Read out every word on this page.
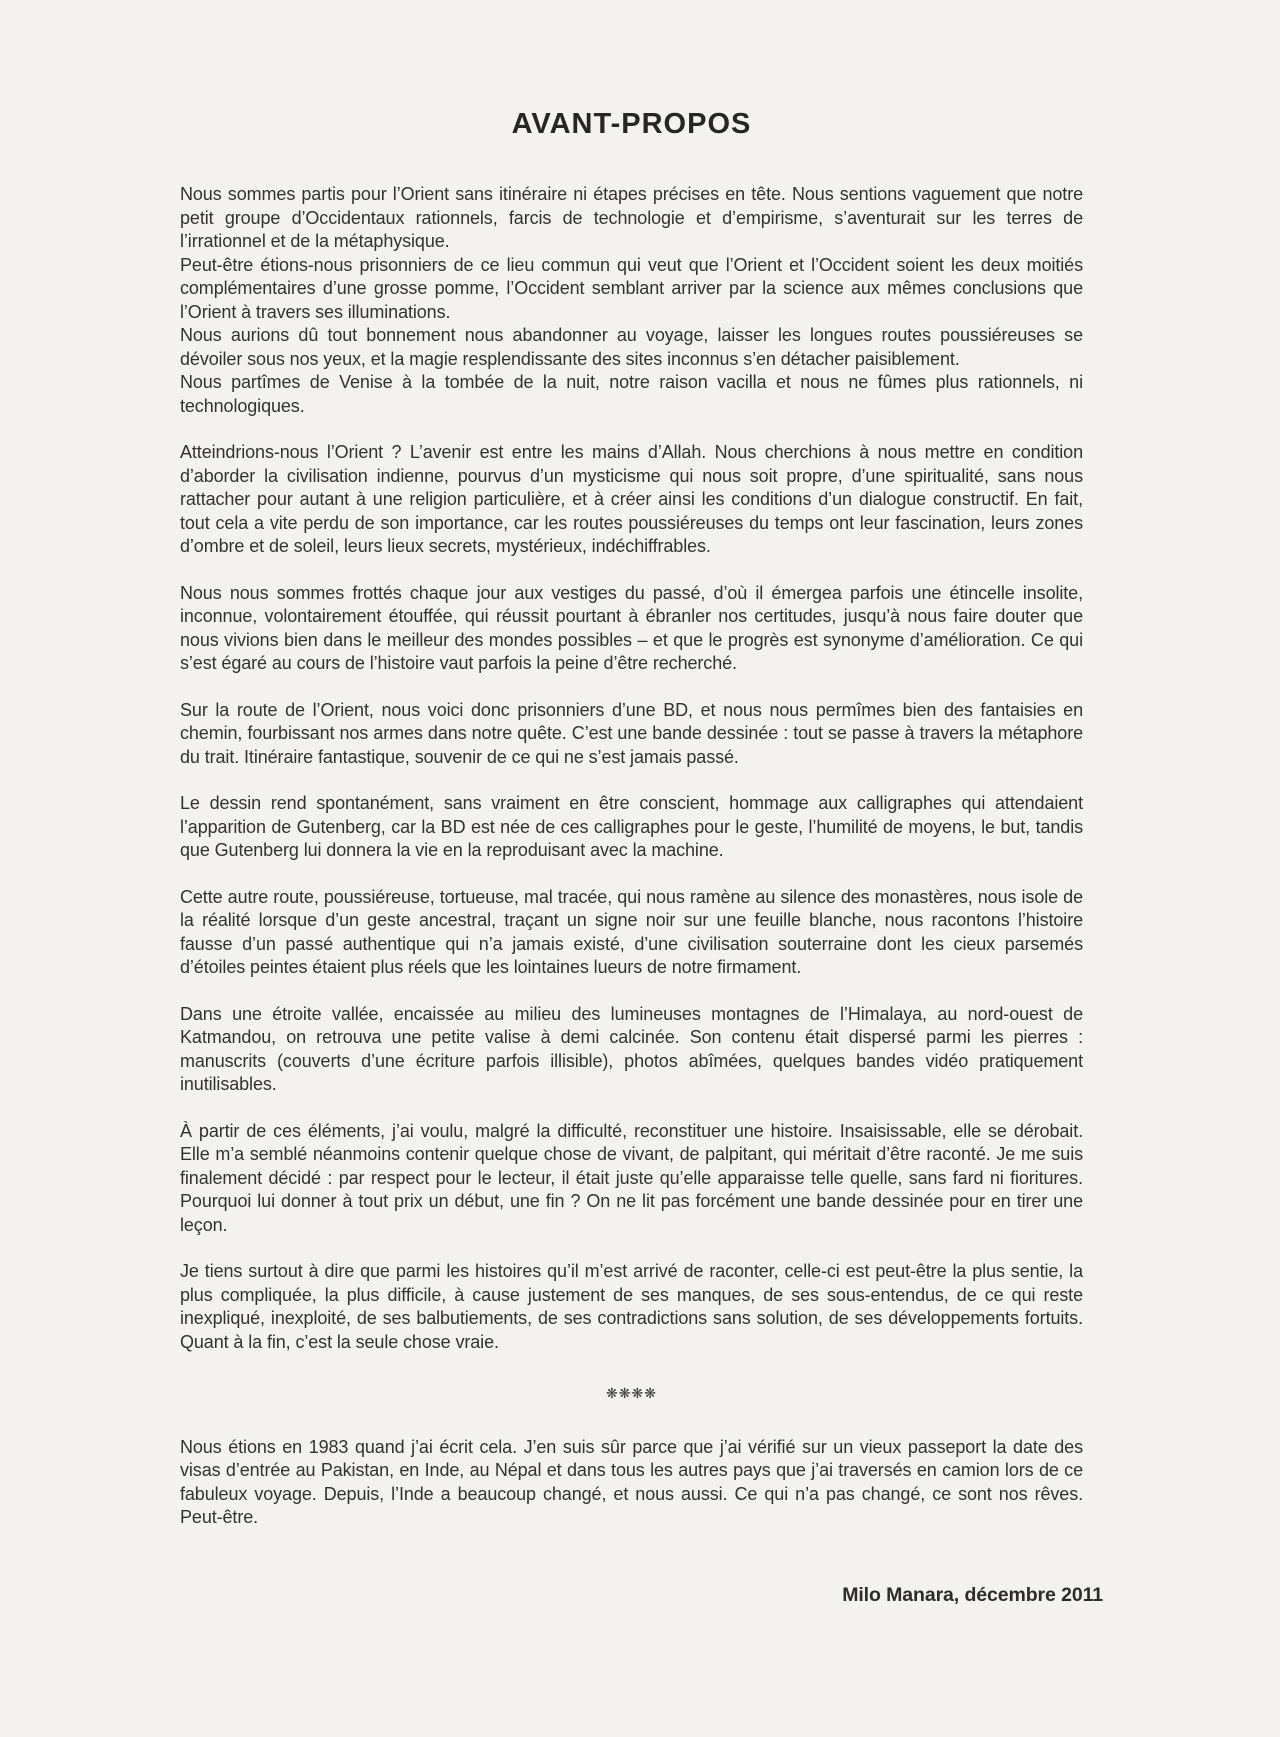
AVANT-PROPOS

Nous sommes partis pour l’Orient sans itinéraire ni étapes précises en tête. Nous sentions vaguement que notre petit groupe d’Occidentaux rationnels, farcis de technologie et d’empirisme, s’aventurait sur les terres de l’irrationnel et de la métaphysique.

Peut-être étions-nous prisonniers de ce lieu commun qui veut que l’Orient et l’Occident soient les deux moitiés complémentaires d’une grosse pomme, l’Occident semblant arriver par la science aux mêmes conclusions que l’Orient à travers ses illuminations.

Nous aurions dû tout bonnement nous abandonner au voyage, laisser les longues routes poussiéreuses se dévoiler sous nos yeux, et la magie resplendissante des sites inconnus s’en détacher paisiblement.

Nous partîmes de Venise à la tombée de la nuit, notre raison vacilla et nous ne fûmes plus rationnels, ni technologiques.

Atteindrions-nous l’Orient ? L’avenir est entre les mains d’Allah. Nous cherchions à nous mettre en condition d’aborder la civilisation indienne, pourvus d’un mysticisme qui nous soit propre, d’une spiritualité, sans nous rattacher pour autant à une religion particulière, et à créer ainsi les conditions d’un dialogue constructif. En fait, tout cela a vite perdu de son importance, car les routes poussiéreuses du temps ont leur fascination, leurs zones d’ombre et de soleil, leurs lieux secrets, mystérieux, indéchiffrables.

Nous nous sommes frottés chaque jour aux vestiges du passé, d’où il émergea parfois une étincelle insolite, inconnue, volontairement étouffée, qui réussit pourtant à ébranler nos certitudes, jusqu’à nous faire douter que nous vivions bien dans le meilleur des mondes possibles – et que le progrès est synonyme d’amélioration. Ce qui s’est égaré au cours de l’histoire vaut parfois la peine d’être recherché.

Sur la route de l’Orient, nous voici donc prisonniers d’une BD, et nous nous permîmes bien des fantaisies en chemin, fourbissant nos armes dans notre quête. C’est une bande dessinée : tout se passe à travers la métaphore du trait. Itinéraire fantastique, souvenir de ce qui ne s’est jamais passé.

Le dessin rend spontanément, sans vraiment en être conscient, hommage aux calligraphes qui attendaient l’apparition de Gutenberg, car la BD est née de ces calligraphes pour le geste, l’humilité de moyens, le but, tandis que Gutenberg lui donnera la vie en la reproduisant avec la machine.

Cette autre route, poussiéreuse, tortueuse, mal tracée, qui nous ramène au silence des monastères, nous isole de la réalité lorsque d’un geste ancestral, traçant un signe noir sur une feuille blanche, nous racontons l’histoire fausse d’un passé authentique qui n’a jamais existé, d’une civilisation souterraine dont les cieux parsemés d’étoiles peintes étaient plus réels que les lointaines lueurs de notre firmament.

Dans une étroite vallée, encaissée au milieu des lumineuses montagnes de l’Himalaya, au nord-ouest de Katmandou, on retrouva une petite valise à demi calcinée. Son contenu était dispersé parmi les pierres : manuscrits (couverts d’une écriture parfois illisible), photos abîmées, quelques bandes vidéo pratiquement inutilisables.

À partir de ces éléments, j’ai voulu, malgré la difficulté, reconstituer une histoire. Insaisissable, elle se dérobait. Elle m’a semblé néanmoins contenir quelque chose de vivant, de palpitant, qui méritait d’être raconté. Je me suis finalement décidé : par respect pour le lecteur, il était juste qu’elle apparaisse telle quelle, sans fard ni fioritures. Pourquoi lui donner à tout prix un début, une fin ? On ne lit pas forcément une bande dessinée pour en tirer une leçon.

Je tiens surtout à dire que parmi les histoires qu’il m’est arrivé de raconter, celle-ci est peut-être la plus sentie, la plus compliquée, la plus difficile, à cause justement de ses manques, de ses sous-entendus, de ce qui reste inexpliqué, inexploité, de ses balbutiements, de ses contradictions sans solution, de ses développements fortuits. Quant à la fin, c’est la seule chose vraie.

❋❋❋❋

Nous étions en 1983 quand j’ai écrit cela. J’en suis sûr parce que j’ai vérifié sur un vieux passeport la date des visas d’entrée au Pakistan, en Inde, au Népal et dans tous les autres pays que j’ai traversés en camion lors de ce fabuleux voyage. Depuis, l’Inde a beaucoup changé, et nous aussi. Ce qui n’a pas changé, ce sont nos rêves. Peut-être.

Milo Manara, décembre 2011
